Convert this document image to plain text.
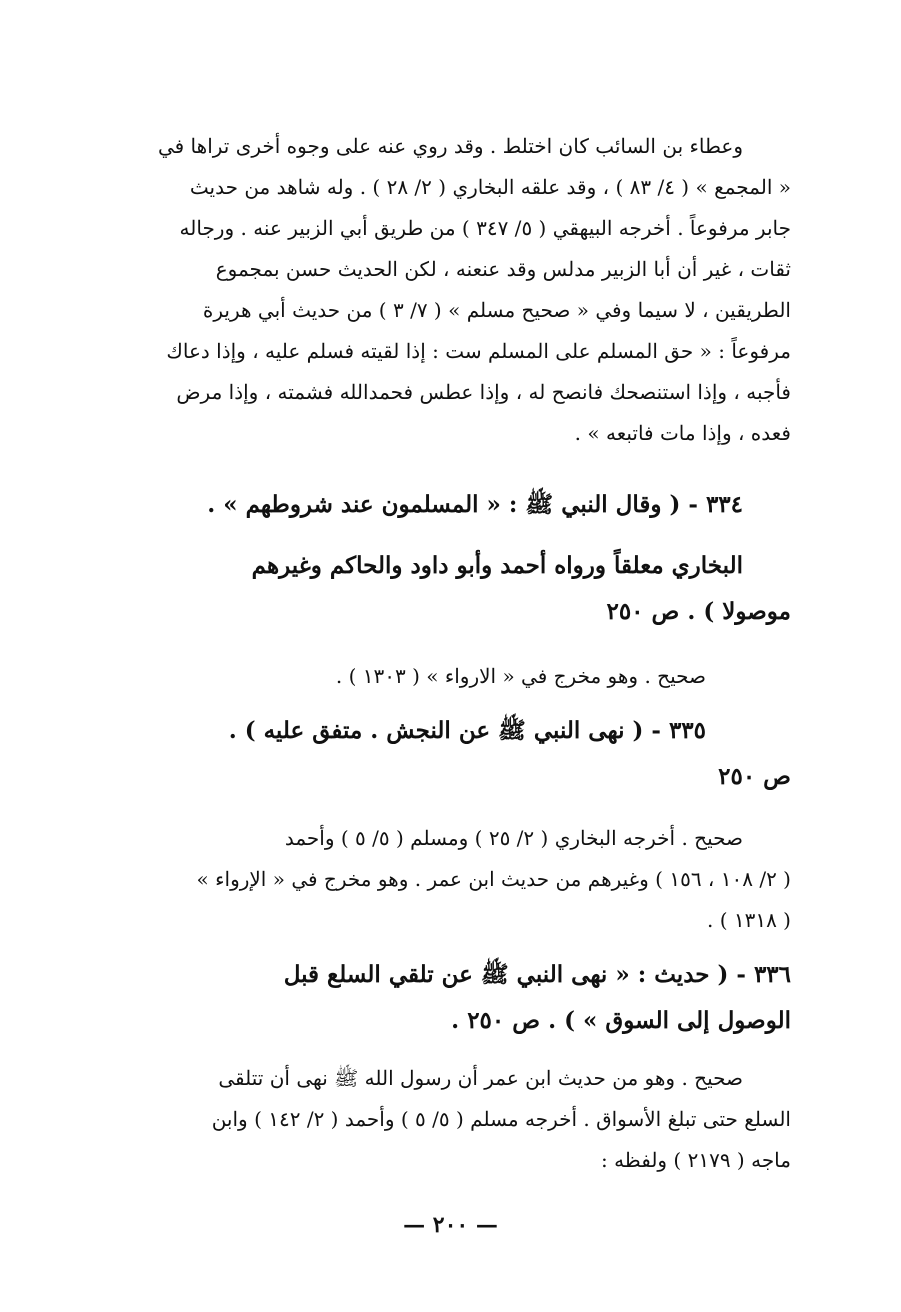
وعطاء بن السائب كان اختلط . وقد روي عنه على وجوه أخرى تراها في
« المجمع » ( ٤/ ٨٣ ) ، وقد علقه البخاري ( ٢/ ٢٨ ) . وله شاهد من حديث
جابر مرفوعاً . أخرجه البيهقي ( ٥/ ٣٤٧ ) من طريق أبي الزبير عنه . ورجاله
ثقات ، غير أن أبا الزبير مدلس وقد عنعنه ، لكن الحديث حسن بمجموع
الطريقين ، لا سيما وفي « صحيح مسلم » ( ٧/ ٣ ) من حديث أبي هريرة
مرفوعاً : « حق المسلم على المسلم ست : إذا لقيته فسلم عليه ، وإذا دعاك
فأجبه ، وإذا استنصحك فانصح له ، وإذا عطس فحمدالله فشمته ، وإذا مرض
فعده ، وإذا مات فاتبعه » .
٣٣٤ - ( وقال النبي ﷺ : « المسلمون عند شروطهم » .
البخاري معلقاً ورواه أحمد وأبو داود والحاكم وغيرهم
موصولا ) . ص ٢٥٠
صحيح . وهو مخرج في « الارواء » ( ١٣٠٣ ) .
٣٣٥ - ( نهى النبي ﷺ عن النجش . متفق عليه ) .
ص ٢٥٠
صحيح . أخرجه البخاري ( ٢/ ٢٥ ) ومسلم ( ٥/ ٥ ) وأحمد
( ٢/ ١٠٨ ، ١٥٦ ) وغيرهم من حديث ابن عمر . وهو مخرج في « الإرواء »
( ١٣١٨ ) .
٣٣٦ - ( حديث : « نهى النبي ﷺ عن تلقي السلع قبل
الوصول إلى السوق » ) . ص ٢٥٠ .
صحيح . وهو من حديث ابن عمر أن رسول الله ﷺ نهى أن تتلقى
السلع حتى تبلغ الأسواق . أخرجه مسلم ( ٥/ ٥ ) وأحمد ( ٢/ ١٤٢ ) وابن
ماجه ( ٢١٧٩ ) ولفظه :
— ٢٠٠ —
